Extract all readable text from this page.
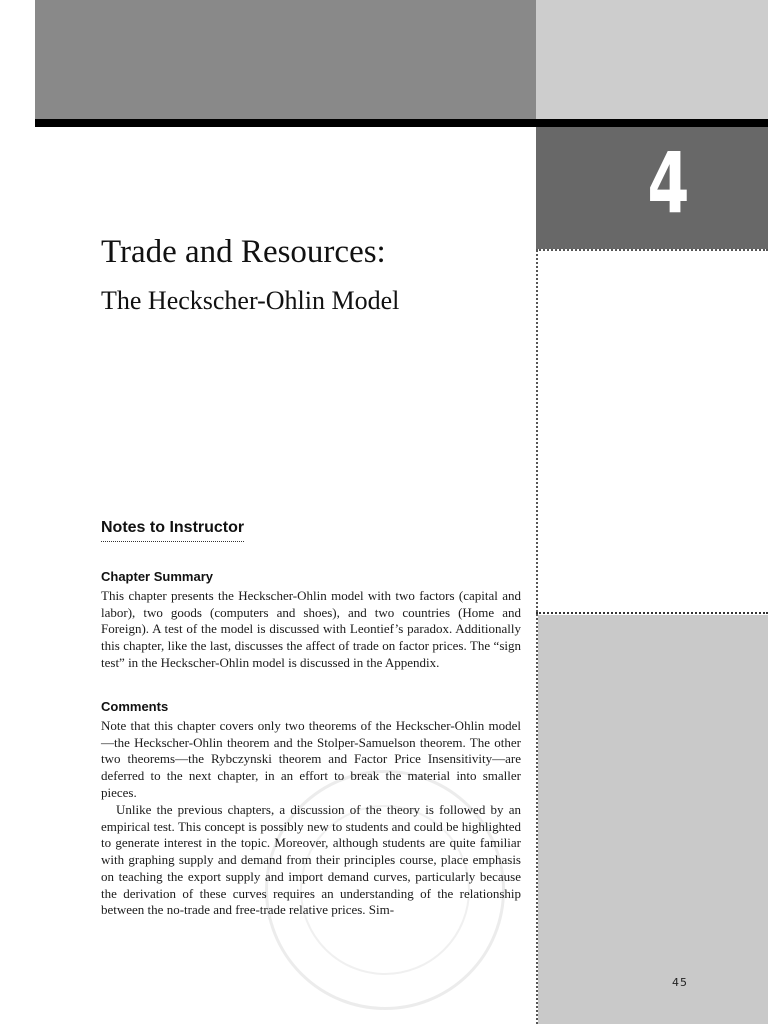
4
45
Trade and Resources:
The Heckscher-Ohlin Model
Notes to Instructor
Chapter Summary

This chapter presents the Heckscher-Ohlin model with two factors (capital and labor), two goods (computers and shoes), and two countries (Home and Foreign). A test of the model is discussed with Leontief’s paradox. Additionally this chapter, like the last, discusses the affect of trade on factor prices. The “sign test” in the Heckscher-Ohlin model is discussed in the Appendix.

Comments

Note that this chapter covers only two theorems of the Heckscher-Ohlin model—the Heckscher-Ohlin theorem and the Stolper-Samuelson theorem. The other two theorems—the Rybczynski theorem and Factor Price Insensitivity—are deferred to the next chapter, in an effort to break the material into smaller pieces.

Unlike the previous chapters, a discussion of the theory is followed by an empirical test. This concept is possibly new to students and could be highlighted to generate interest in the topic. Moreover, although students are quite familiar with graphing supply and demand from their principles course, place emphasis on teaching the export supply and import demand curves, particularly because the derivation of these curves requires an understanding of the relationship between the no-trade and free-trade relative prices. Sim-
